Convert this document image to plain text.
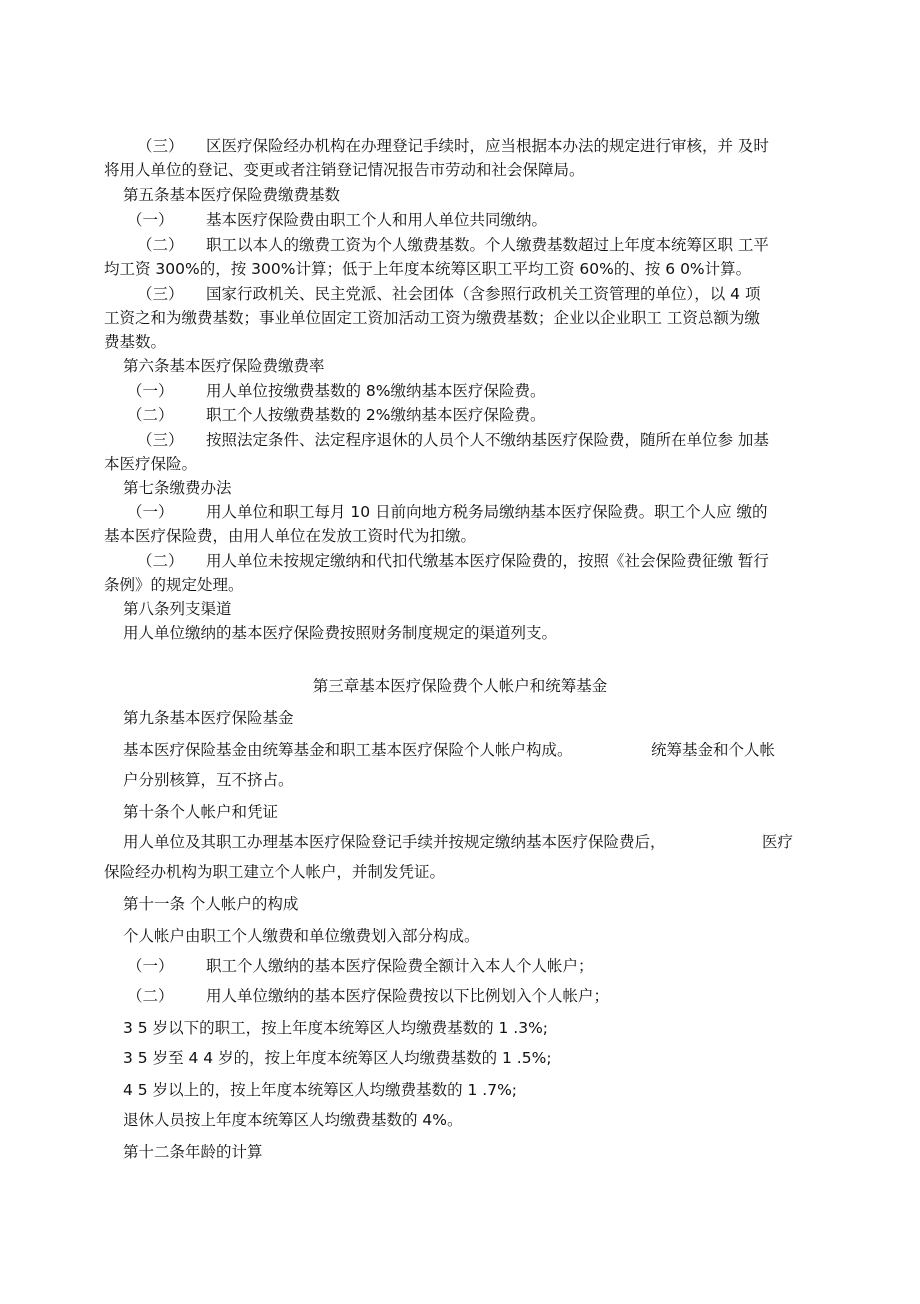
（三） 区医疗保险经办机构在办理登记手续时，应当根据本办法的规定进行审核，并 及时
将用人单位的登记、变更或者注销登记情况报告市劳动和社会保障局。
第五条基本医疗保险费缴费基数
（一） 基本医疗保险费由职工个人和用人单位共同缴纳。
（二） 职工以本人的缴费工资为个人缴费基数。个人缴费基数超过上年度本统筹区职 工平
均工资 300%的，按 300%计算；低于上年度本统筹区职工平均工资 60%的、按 6 0%计算。
（三） 国家行政机关、民主党派、社会团体（含参照行政机关工资管理的单位），以 4 项
工资之和为缴费基数；事业单位固定工资加活动工资为缴费基数；企业以企业职工 工资总额为缴
费基数。
第六条基本医疗保险费缴费率
（一） 用人单位按缴费基数的 8%缴纳基本医疗保险费。
（二） 职工个人按缴费基数的 2%缴纳基本医疗保险费。
（三） 按照法定条件、法定程序退休的人员个人不缴纳基医疗保险费，随所在单位参 加基
本医疗保险。
第七条缴费办法
（一） 用人单位和职工每月 10 日前向地方税务局缴纳基本医疗保险费。职工个人应 缴的
基本医疗保险费，由用人单位在发放工资时代为扣缴。
（二） 用人单位未按规定缴纳和代扣代缴基本医疗保险费的，按照《社会保险费征缴 暂行
条例》的规定处理。
第八条列支渠道
用人单位缴纳的基本医疗保险费按照财务制度规定的渠道列支。
第三章基本医疗保险费个人帐户和统筹基金
第九条基本医疗保险基金
基本医疗保险基金由统筹基金和职工基本医疗保险个人帐户构成。	统筹基金和个人帐
户分别核算，互不挤占。
第十条个人帐户和凭证
用人单位及其职工办理基本医疗保险登记手续并按规定缴纳基本医疗保险费后，	医疗
保险经办机构为职工建立个人帐户，并制发凭证。
第十一条 个人帐户的构成
个人帐户由职工个人缴费和单位缴费划入部分构成。
（一） 职工个人缴纳的基本医疗保险费全额计入本人个人帐户；
（二） 用人单位缴纳的基本医疗保险费按以下比例划入个人帐户；
3 5 岁以下的职工，按上年度本统筹区人均缴费基数的 1 .3%;
3 5 岁至 4 4 岁的，按上年度本统筹区人均缴费基数的 1 .5%;
4 5 岁以上的，按上年度本统筹区人均缴费基数的 1 .7%;
退休人员按上年度本统筹区人均缴费基数的 4%。
第十二条年龄的计算
